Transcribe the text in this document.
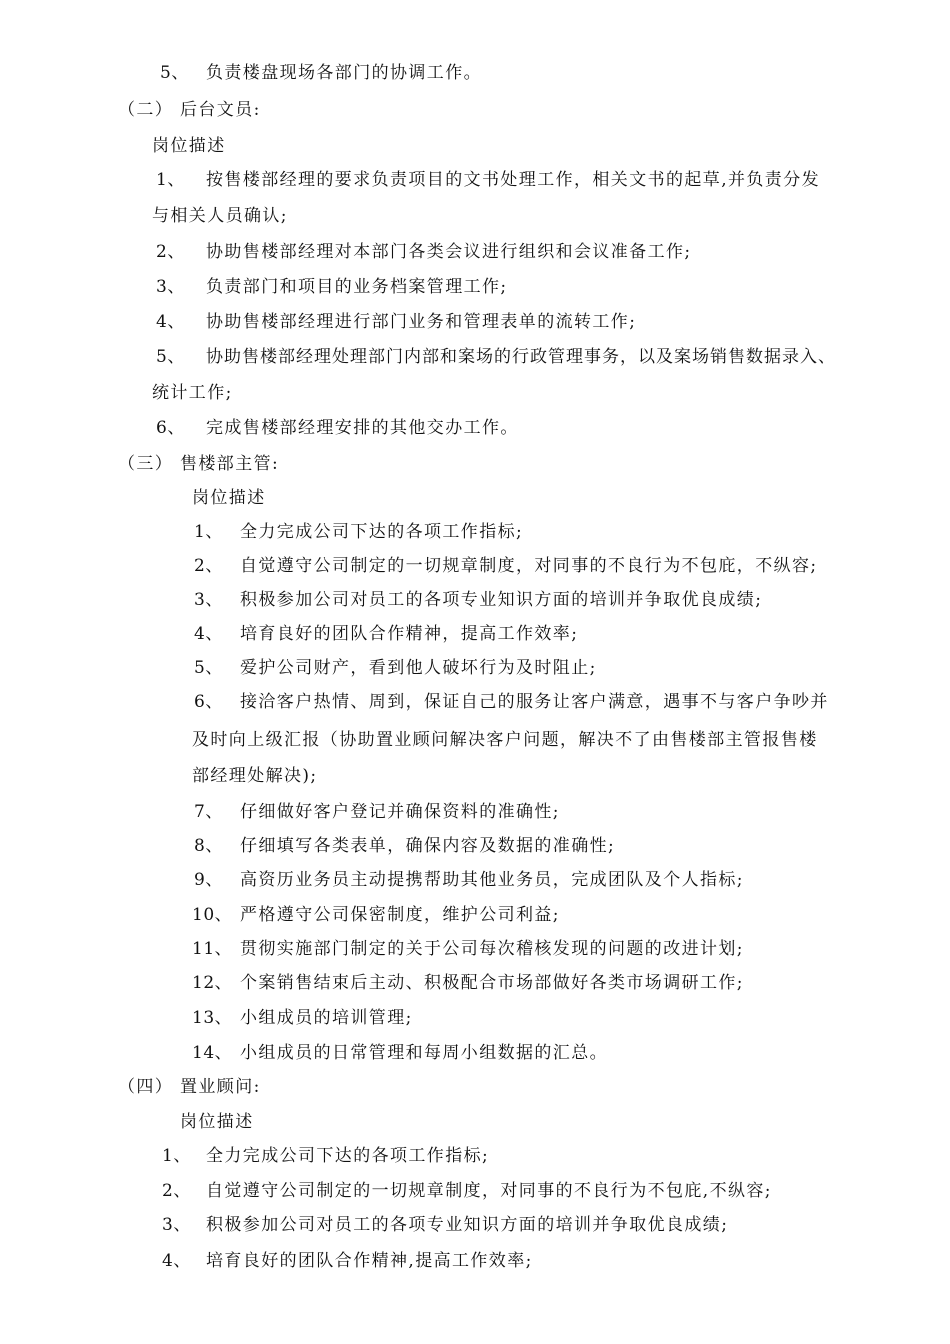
5、 负责楼盘现场各部门的协调工作。
（二） 后台文员:
岗位描述
1、 按售楼部经理的要求负责项目的文书处理工作，相关文书的起草,并负责分发
与相关人员确认;
2、 协助售楼部经理对本部门各类会议进行组织和会议准备工作;
3、 负责部门和项目的业务档案管理工作;
4、 协助售楼部经理进行部门业务和管理表单的流转工作;
5、 协助售楼部经理处理部门内部和案场的行政管理事务，以及案场销售数据录入、
统计工作;
6、 完成售楼部经理安排的其他交办工作。
（三） 售楼部主管:
岗位描述
1、 全力完成公司下达的各项工作指标;
2、 自觉遵守公司制定的一切规章制度，对同事的不良行为不包庇，不纵容;
3、 积极参加公司对员工的各项专业知识方面的培训并争取优良成绩;
4、 培育良好的团队合作精神，提高工作效率;
5、 爱护公司财产，看到他人破坏行为及时阻止;
6、 接洽客户热情、周到，保证自己的服务让客户满意，遇事不与客户争吵并
及时向上级汇报（协助置业顾问解决客户问题，解决不了由售楼部主管报售楼
部经理处解决);
7、 仔细做好客户登记并确保资料的准确性;
8、 仔细填写各类表单，确保内容及数据的准确性;
9、 高资历业务员主动提携帮助其他业务员，完成团队及个人指标;
10、 严格遵守公司保密制度，维护公司利益;
11、 贯彻实施部门制定的关于公司每次稽核发现的问题的改进计划;
12、 个案销售结束后主动、积极配合市场部做好各类市场调研工作;
13、 小组成员的培训管理;
14、 小组成员的日常管理和每周小组数据的汇总。
（四） 置业顾问:
岗位描述
1、 全力完成公司下达的各项工作指标;
2、 自觉遵守公司制定的一切规章制度，对同事的不良行为不包庇,不纵容;
3、 积极参加公司对员工的各项专业知识方面的培训并争取优良成绩;
4、 培育良好的团队合作精神,提高工作效率;
